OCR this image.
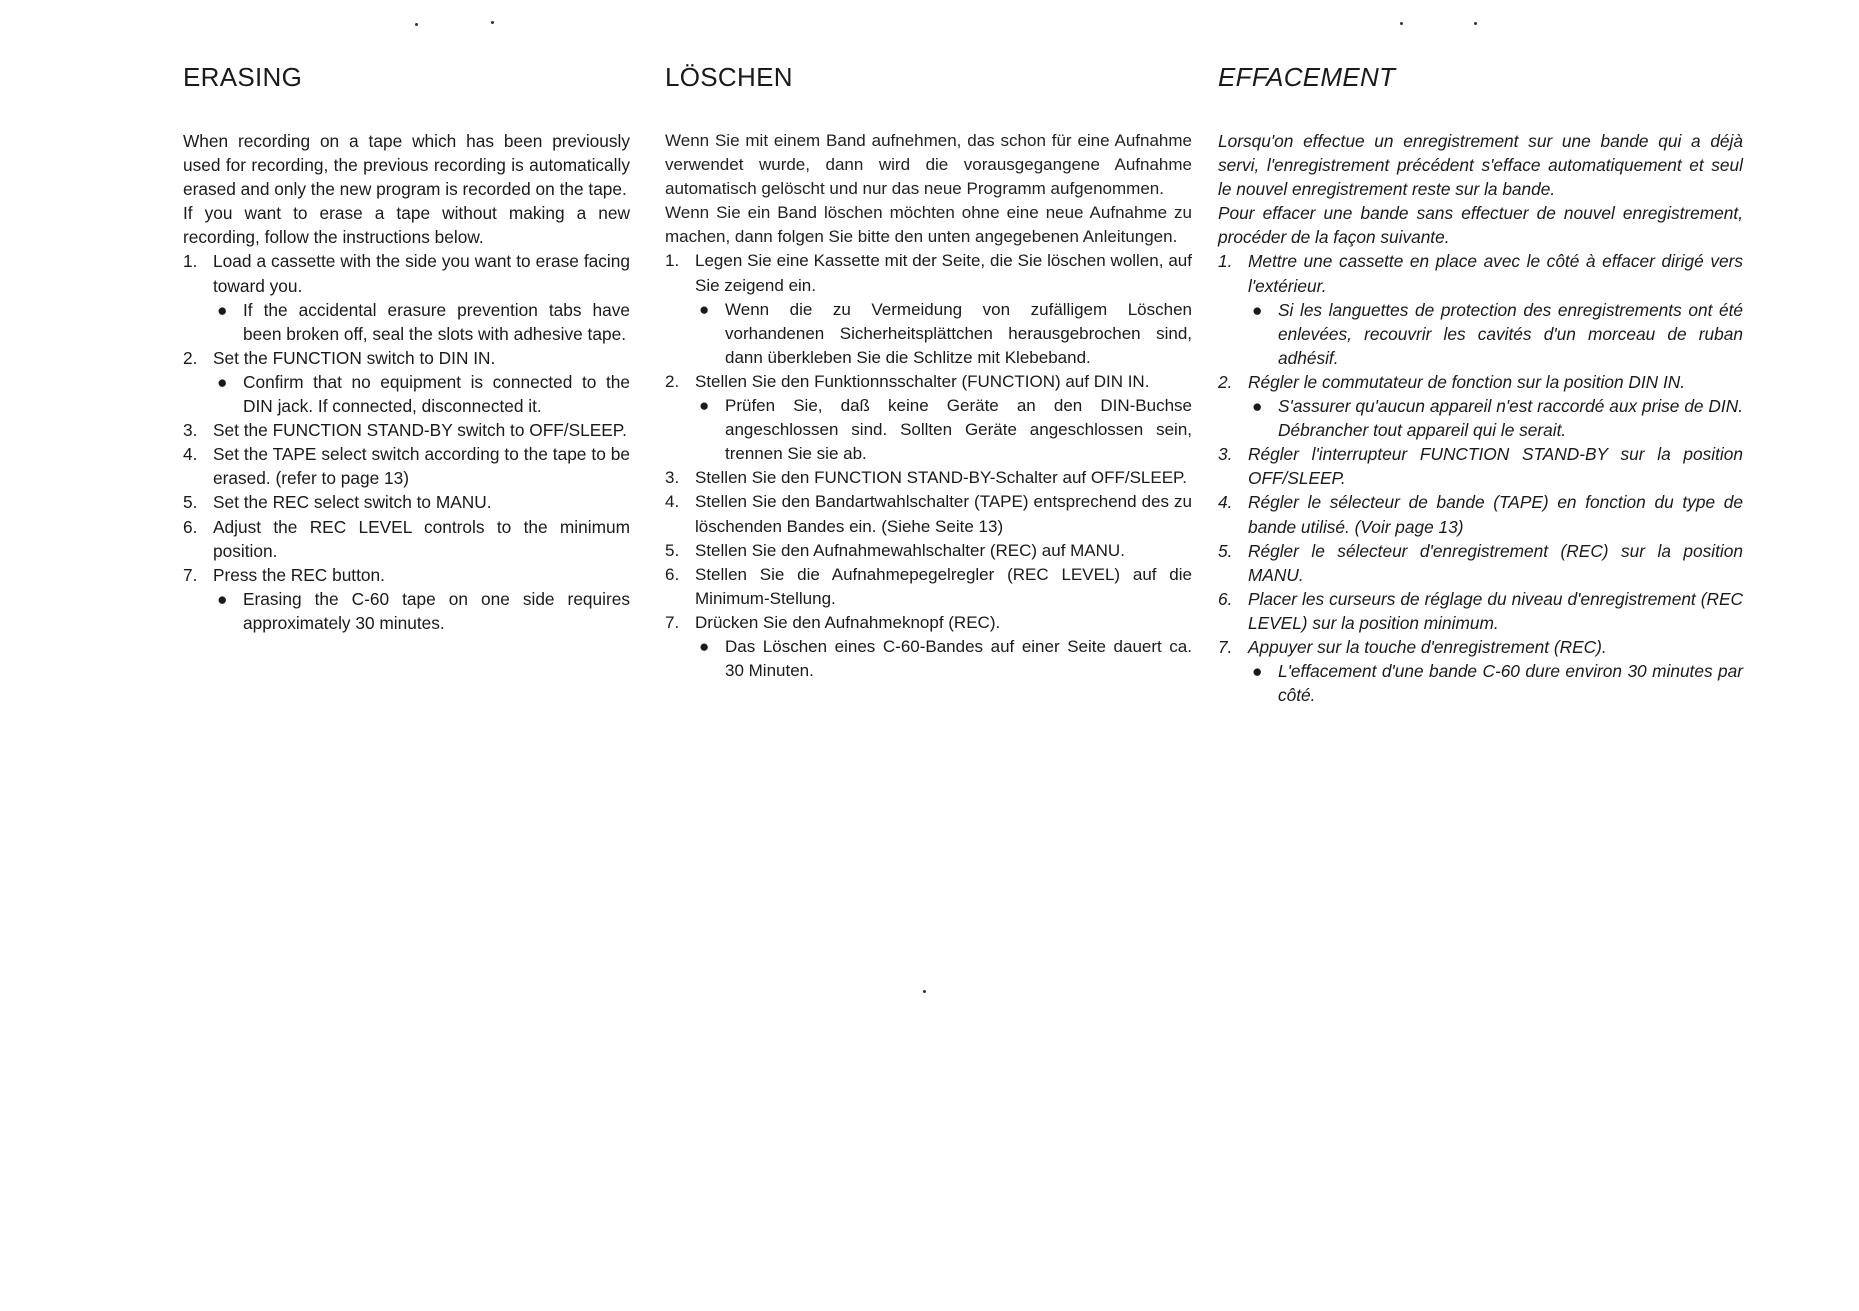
ERASING

When recording on a tape which has been previously used for recording, the previous recording is automatically erased and only the new program is recorded on the tape.

If you want to erase a tape without making a new recording, follow the instructions below.

1. Load a cassette with the side you want to erase facing toward you.
● If the accidental erasure prevention tabs have been broken off, seal the slots with adhesive tape.
2. Set the FUNCTION switch to DIN IN.
● Confirm that no equipment is connected to the DIN jack. If connected, disconnected it.
3. Set the FUNCTION STAND-BY switch to OFF/SLEEP.
4. Set the TAPE select switch according to the tape to be erased. (refer to page 13)
5. Set the REC select switch to MANU.
6. Adjust the REC LEVEL controls to the minimum position.
7. Press the REC button.
● Erasing the C-60 tape on one side requires approximately 30 minutes.
LÖSCHEN

Wenn Sie mit einem Band aufnehmen, das schon für eine Aufnahme verwendet wurde, dann wird die vorausgegangene Aufnahme automatisch gelöscht und nur das neue Programm aufgenommen.

Wenn Sie ein Band löschen möchten ohne eine neue Aufnahme zu machen, dann folgen Sie bitte den unten angegebenen Anleitungen.

1. Legen Sie eine Kassette mit der Seite, die Sie löschen wollen, auf Sie zeigend ein.
● Wenn die zu Vermeidung von zufälligem Löschen vorhandenen Sicherheitsplättchen herausgebrochen sind, dann überkleben Sie die Schlitze mit Klebeband.
2. Stellen Sie den Funktionnsschalter (FUNCTION) auf DIN IN.
● Prüfen Sie, daß keine Geräte an den DIN-Buchse angeschlossen sind. Sollten Geräte angeschlossen sein, trennen Sie sie ab.
3. Stellen Sie den FUNCTION STAND-BY-Schalter auf OFF/SLEEP.
4. Stellen Sie den Bandartwahlschalter (TAPE) entsprechend des zu löschenden Bandes ein. (Siehe Seite 13)
5. Stellen Sie den Aufnahmewahlschalter (REC) auf MANU.
6. Stellen Sie die Aufnahmepegelregler (REC LEVEL) auf die Minimum-Stellung.
7. Drücken Sie den Aufnahmeknopf (REC).
● Das Löschen eines C-60-Bandes auf einer Seite dauert ca. 30 Minuten.
EFFACEMENT

Lorsqu'on effectue un enregistrement sur une bande qui a déjà servi, l'enregistrement précédent s'efface automatiquement et seul le nouvel enregistrement reste sur la bande.

Pour effacer une bande sans effectuer de nouvel enregistrement, procéder de la façon suivante.

1. Mettre une cassette en place avec le côté à effacer dirigé vers l'extérieur.
● Si les languettes de protection des enregistrements ont été enlevées, recouvrir les cavités d'un morceau de ruban adhésif.
2. Régler le commutateur de fonction sur la position DIN IN.
● S'assurer qu'aucun appareil n'est raccordé aux prise de DIN. Débrancher tout appareil qui le serait.
3. Régler l'interrupteur FUNCTION STAND-BY sur la position OFF/SLEEP.
4. Régler le sélecteur de bande (TAPE) en fonction du type de bande utilisé. (Voir page 13)
5. Régler le sélecteur d'enregistrement (REC) sur la position MANU.
6. Placer les curseurs de réglage du niveau d'enregistrement (REC LEVEL) sur la position minimum.
7. Appuyer sur la touche d'enregistrement (REC).
● L'effacement d'une bande C-60 dure environ 30 minutes par côté.
